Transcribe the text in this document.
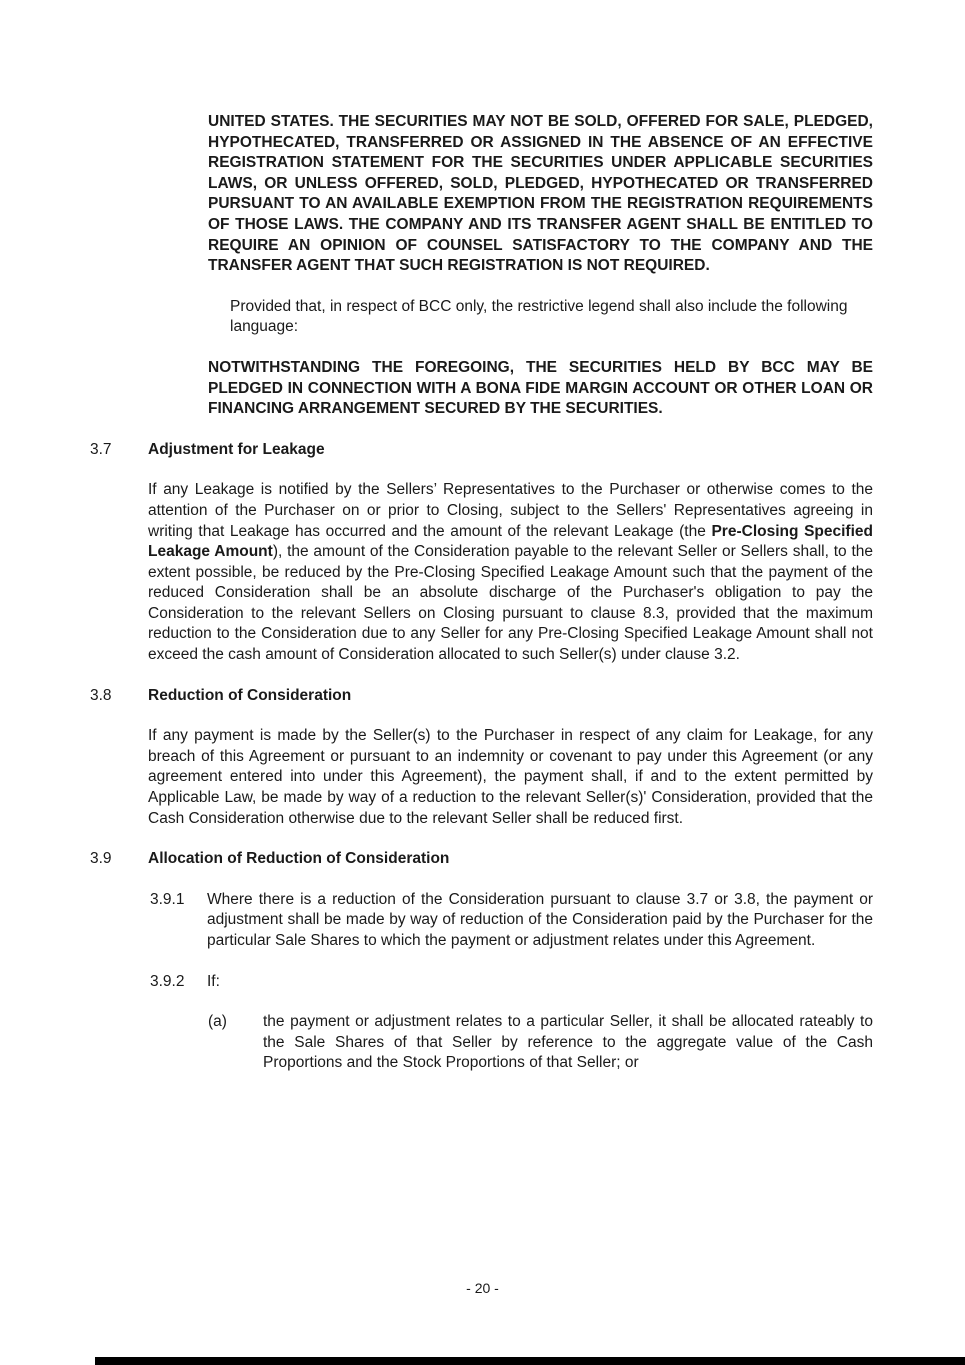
UNITED STATES. THE SECURITIES MAY NOT BE SOLD, OFFERED FOR SALE, PLEDGED, HYPOTHECATED, TRANSFERRED OR ASSIGNED IN THE ABSENCE OF AN EFFECTIVE REGISTRATION STATEMENT FOR THE SECURITIES UNDER APPLICABLE SECURITIES LAWS, OR UNLESS OFFERED, SOLD, PLEDGED, HYPOTHECATED OR TRANSFERRED PURSUANT TO AN AVAILABLE EXEMPTION FROM THE REGISTRATION REQUIREMENTS OF THOSE LAWS. THE COMPANY AND ITS TRANSFER AGENT SHALL BE ENTITLED TO REQUIRE AN OPINION OF COUNSEL SATISFACTORY TO THE COMPANY AND THE TRANSFER AGENT THAT SUCH REGISTRATION IS NOT REQUIRED.

Provided that, in respect of BCC only, the restrictive legend shall also include the following language:

NOTWITHSTANDING THE FOREGOING, THE SECURITIES HELD BY BCC MAY BE PLEDGED IN CONNECTION WITH A BONA FIDE MARGIN ACCOUNT OR OTHER LOAN OR FINANCING ARRANGEMENT SECURED BY THE SECURITIES.

3.7 Adjustment for Leakage

If any Leakage is notified by the Sellers’ Representatives to the Purchaser or otherwise comes to the attention of the Purchaser on or prior to Closing, subject to the Sellers' Representatives agreeing in writing that Leakage has occurred and the amount of the relevant Leakage (the Pre-Closing Specified Leakage Amount), the amount of the Consideration payable to the relevant Seller or Sellers shall, to the extent possible, be reduced by the Pre-Closing Specified Leakage Amount such that the payment of the reduced Consideration shall be an absolute discharge of the Purchaser's obligation to pay the Consideration to the relevant Sellers on Closing pursuant to clause 8.3, provided that the maximum reduction to the Consideration due to any Seller for any Pre-Closing Specified Leakage Amount shall not exceed the cash amount of Consideration allocated to such Seller(s) under clause 3.2.

3.8 Reduction of Consideration

If any payment is made by the Seller(s) to the Purchaser in respect of any claim for Leakage, for any breach of this Agreement or pursuant to an indemnity or covenant to pay under this Agreement (or any agreement entered into under this Agreement), the payment shall, if and to the extent permitted by Applicable Law, be made by way of a reduction to the relevant Seller(s)' Consideration, provided that the Cash Consideration otherwise due to the relevant Seller shall be reduced first.

3.9 Allocation of Reduction of Consideration
3.9.1 Where there is a reduction of the Consideration pursuant to clause 3.7 or 3.8, the payment or adjustment shall be made by way of reduction of the Consideration paid by the Purchaser for the particular Sale Shares to which the payment or adjustment relates under this Agreement.
3.9.2 If:
(a) the payment or adjustment relates to a particular Seller, it shall be allocated rateably to the Sale Shares of that Seller by reference to the aggregate value of the Cash Proportions and the Stock Proportions of that Seller; or
- 20 -
